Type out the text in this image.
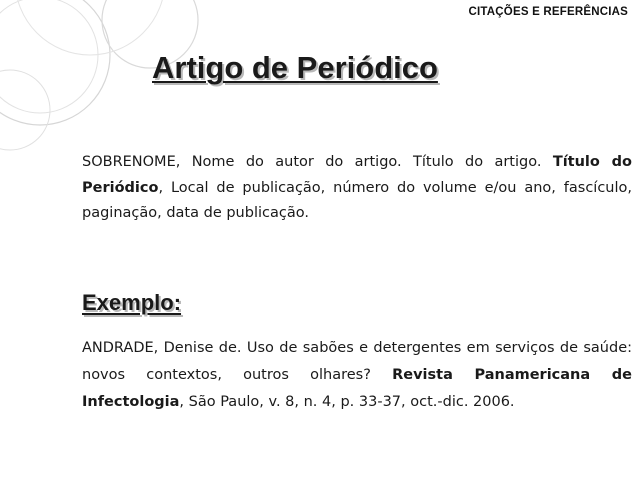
CITAÇÕES E REFERÊNCIAS
Artigo de Periódico
SOBRENOME, Nome do autor do artigo. Título do artigo. Título do Periódico, Local de publicação, número do volume e/ou ano, fascículo, paginação, data de publicação.
Exemplo:
ANDRADE, Denise de. Uso de sabões e detergentes em serviços de saúde: novos contextos, outros olhares? Revista Panamericana de Infectologia, São Paulo, v. 8, n. 4, p. 33-37, oct.-dic. 2006.
